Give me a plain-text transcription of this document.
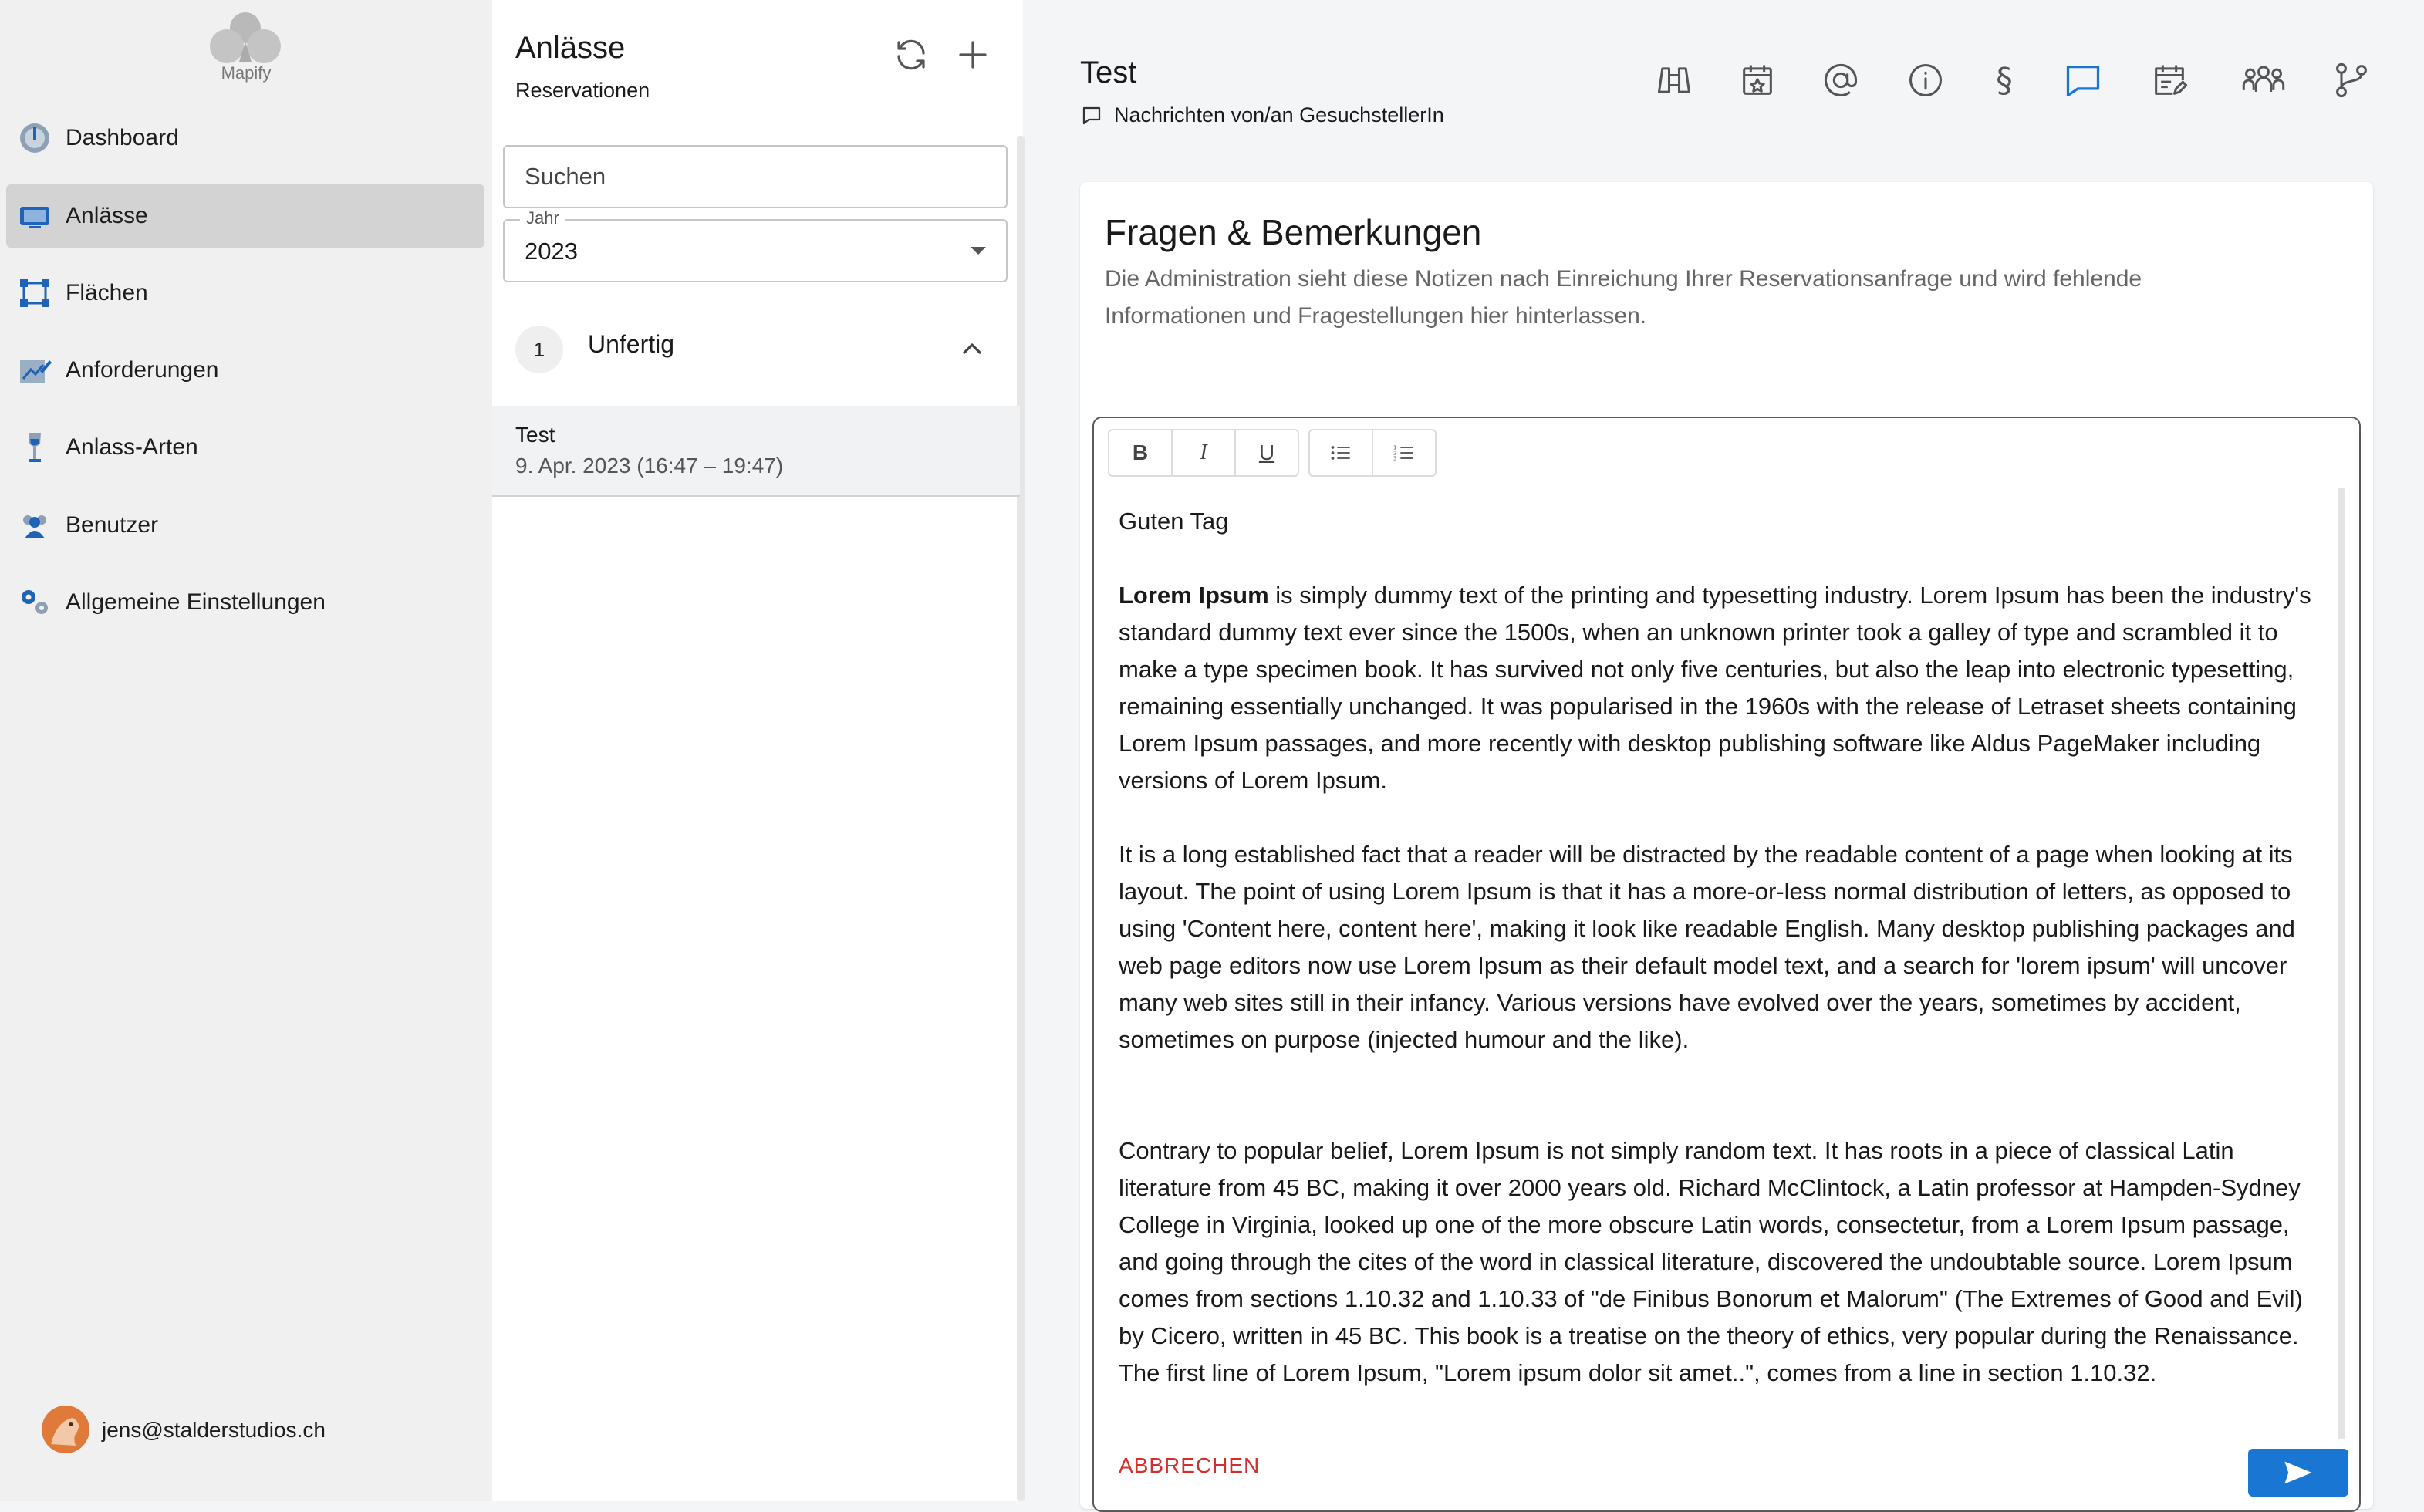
Mapify
Dashboard
Anlässe
Flächen
Anforderungen
Anlass-Arten
Benutzer
Allgemeine Einstellungen
jens@stalderstudios.ch
Anlässe
Reservationen
Suchen
Jahr
2023
1	Unfertig
Test
9. Apr. 2023 (16:47 – 19:47)
Test
Nachrichten von/an GesuchstellerIn
§
Fragen & Bemerkungen
Die Administration sieht diese Notizen nach Einreichung Ihrer Reservationsanfrage und wird fehlende Informationen und Fragestellungen hier hinterlassen.
B I U	1
2
3

Guten Tag

Lorem Ipsum is simply dummy text of the printing and typesetting industry. Lorem Ipsum has been the industry's standard dummy text ever since the 1500s, when an unknown printer took a galley of type and scrambled it to make a type specimen book. It has survived not only five centuries, but also the leap into electronic typesetting, remaining essentially unchanged. It was popularised in the 1960s with the release of Letraset sheets containing Lorem Ipsum passages, and more recently with desktop publishing software like Aldus PageMaker including versions of Lorem Ipsum.

It is a long established fact that a reader will be distracted by the readable content of a page when looking at its layout. The point of using Lorem Ipsum is that it has a more-or-less normal distribution of letters, as opposed to using 'Content here, content here', making it look like readable English. Many desktop publishing packages and web page editors now use Lorem Ipsum as their default model text, and a search for 'lorem ipsum' will uncover many web sites still in their infancy. Various versions have evolved over the years, sometimes by accident, sometimes on purpose (injected humour and the like).

Contrary to popular belief, Lorem Ipsum is not simply random text. It has roots in a piece of classical Latin literature from 45 BC, making it over 2000 years old. Richard McClintock, a Latin professor at Hampden-Sydney College in Virginia, looked up one of the more obscure Latin words, consectetur, from a Lorem Ipsum passage, and going through the cites of the word in classical literature, discovered the undoubtable source. Lorem Ipsum comes from sections 1.10.32 and 1.10.33 of "de Finibus Bonorum et Malorum" (The Extremes of Good and Evil) by Cicero, written in 45 BC. This book is a treatise on the theory of ethics, very popular during the Renaissance. The first line of Lorem Ipsum, "Lorem ipsum dolor sit amet..", comes from a line in section 1.10.32.

ABBRECHEN
